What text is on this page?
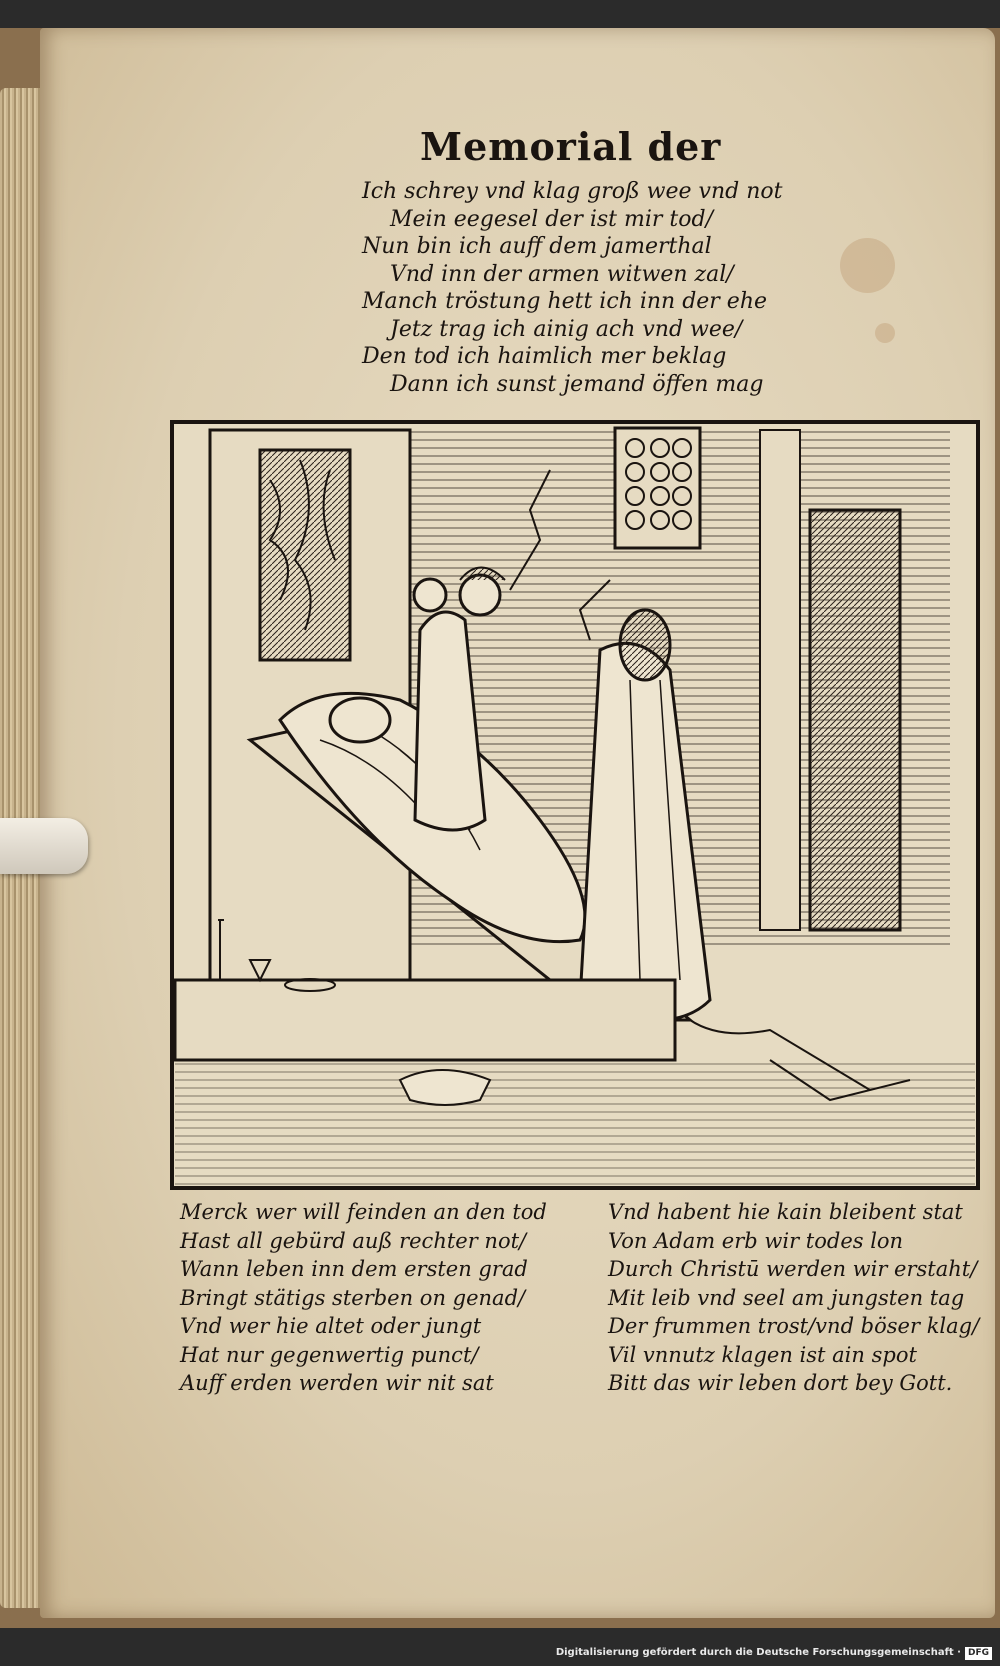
Memorial der
Ich schrey vnd klag groß wee vnd not
Mein eegesel der ist mir tod/
Nun bin ich auff dem jamerthal
Vnd inn der armen witwen zal/
Manch tröstung hett ich inn der ehe
Jetz trag ich ainig ach vnd wee/
Den tod ich haimlich mer beklag
Dann ich sunst jemand öffen mag
Merck wer will feinden an den tod
Hast all gebürd auß rechter not/
Wann leben inn dem ersten grad
Bringt stätigs sterben on genad/
Vnd wer hie altet oder jungt
Hat nur gegenwertig punct/
Auff erden werden wir nit sat
Vnd habent hie kain bleibent stat
Von Adam erb wir todes lon
Durch Christū werden wir erstaht/
Mit leib vnd seel am jungsten tag
Der frummen trost/vnd böser klag/
Vil vnnutz klagen ist ain spot
Bitt das wir leben dort bey Gott.
Digitalisierung gefördert durch die Deutsche Forschungsgemeinschaft · DFG
